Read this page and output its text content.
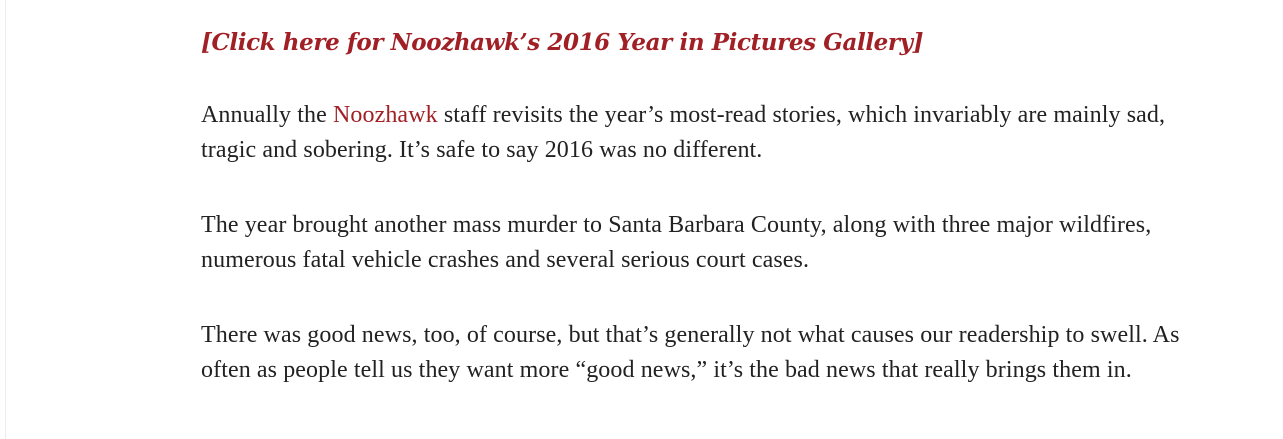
[Click here for Noozhawk’s 2016 Year in Pictures Gallery]

Annually the Noozhawk staff revisits the year’s most-read stories, which invariably are mainly sad, tragic and sobering. It’s safe to say 2016 was no different.

The year brought another mass murder to Santa Barbara County, along with three major wildfires, numerous fatal vehicle crashes and several serious court cases.

There was good news, too, of course, but that’s generally not what causes our readership to swell. As often as people tell us they want more “good news,” it’s the bad news that really brings them in.
